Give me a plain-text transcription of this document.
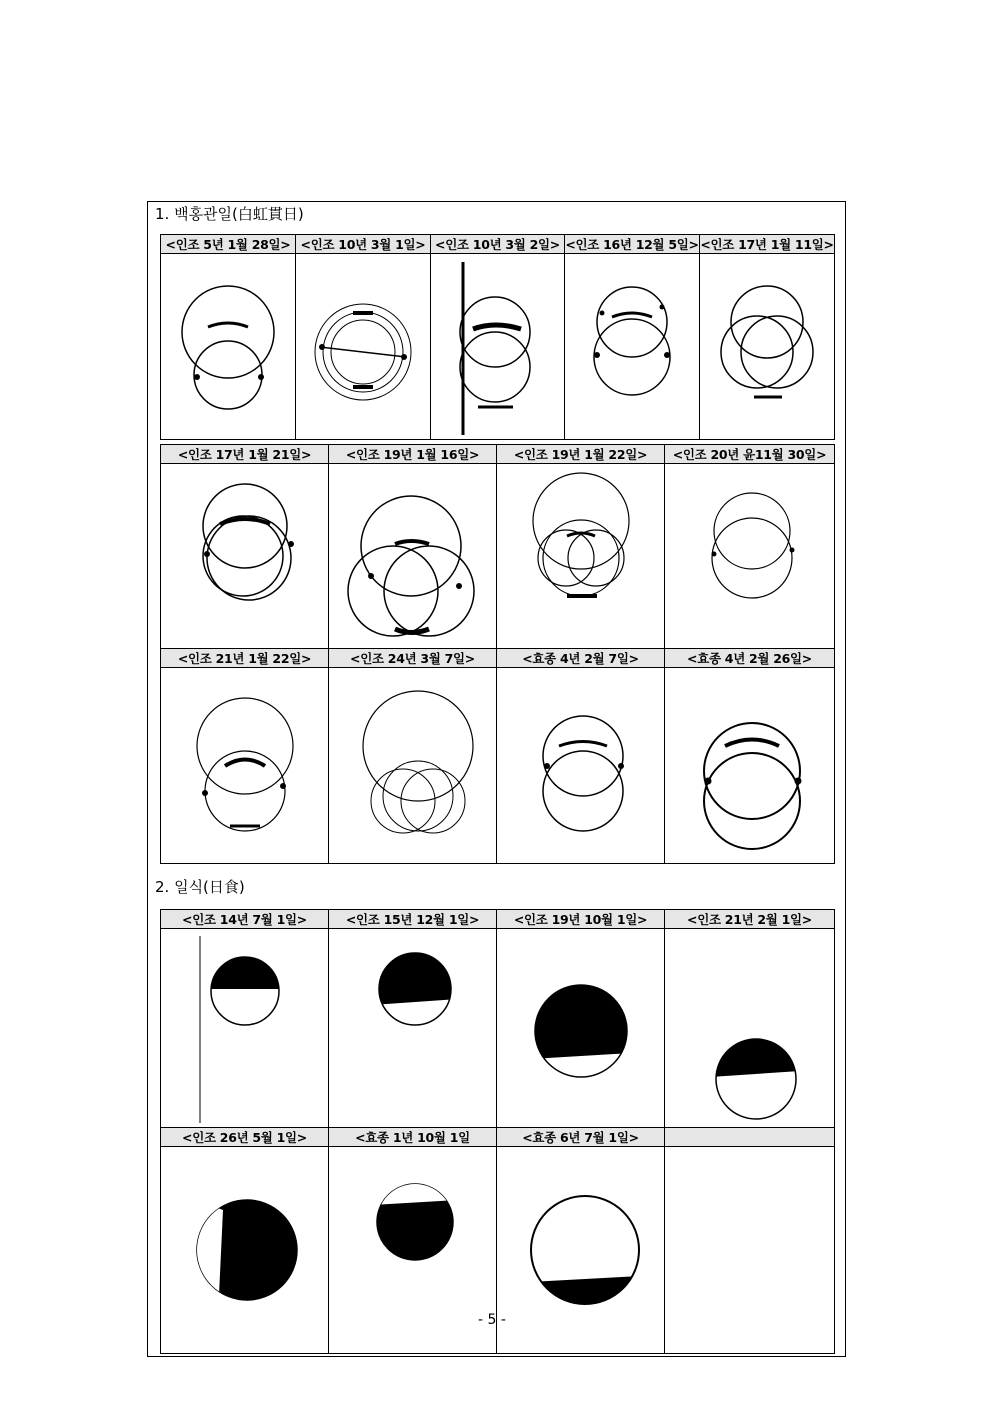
1. 백홍관일(白虹貫日)
<인조 5년 1월 28일>	<인조 10년 3월 1일>	<인조 10년 3월 2일>	<인조 16년 12월 5일>	<인조 17년 1월 11일>

<인조 17년 1월 21일>	<인조 19년 1월 16일>	<인조 19년 1월 22일>	<인조 20년 윤11월 30일>

<인조 21년 1월 22일>	<인조 24년 3월 7일>	<효종 4년 2월 7일>	<효종 4년 2월 26일>

2. 일식(日食)
<인조 14년 7월 1일>	<인조 15년 12월 1일>	<인조 19년 10월 1일>	<인조 21년 2월 1일>

<인조 26년 5월 1일>	<효종 1년 10월 1일	<효종 6년 7월 1일>	

- 5 -
